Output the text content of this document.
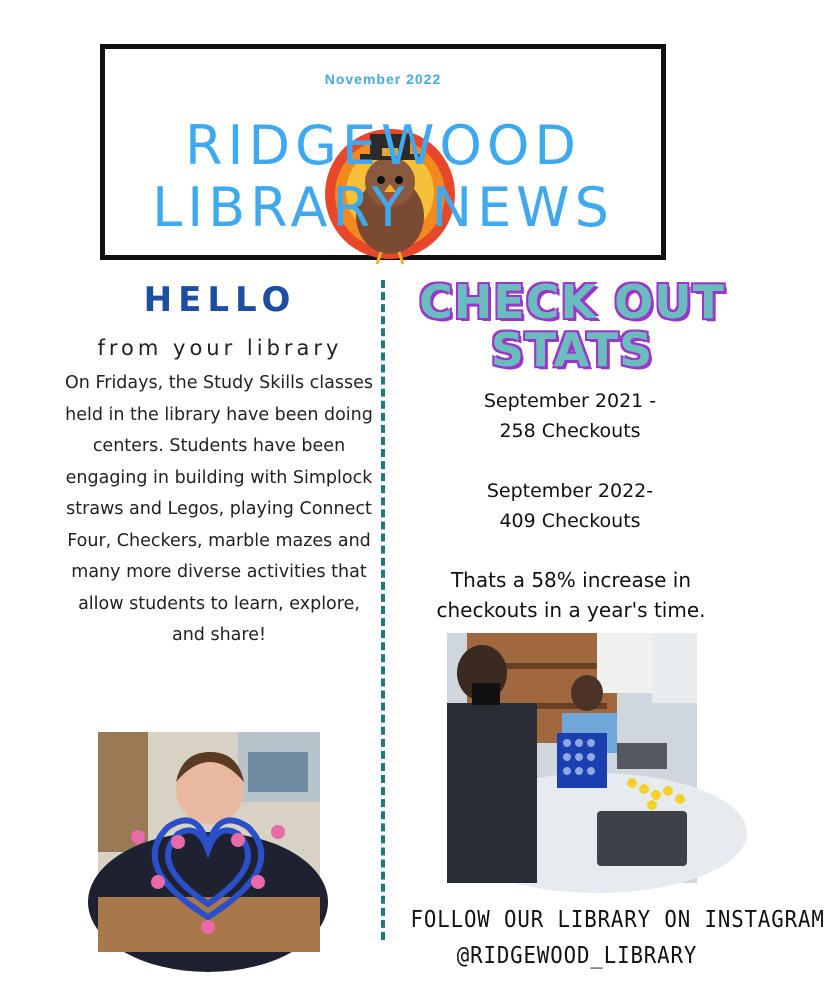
November 2022
RIDGEWOOD
LIBRARY NEWS
HELLO
from your library
On Fridays, the Study Skills classes held in the library have been doing centers. Students have been engaging in building with Simplock straws and Legos, playing Connect Four, Checkers, marble mazes and many more diverse activities that allow students to learn, explore, and share!
CHECK OUT
STATS
September 2021 -
258 Checkouts
September 2022-
409 Checkouts
Thats a 58% increase in checkouts in a year's time.
FOLLOW OUR LIBRARY ON INSTAGRAM
@RIDGEWOOD_LIBRARY
